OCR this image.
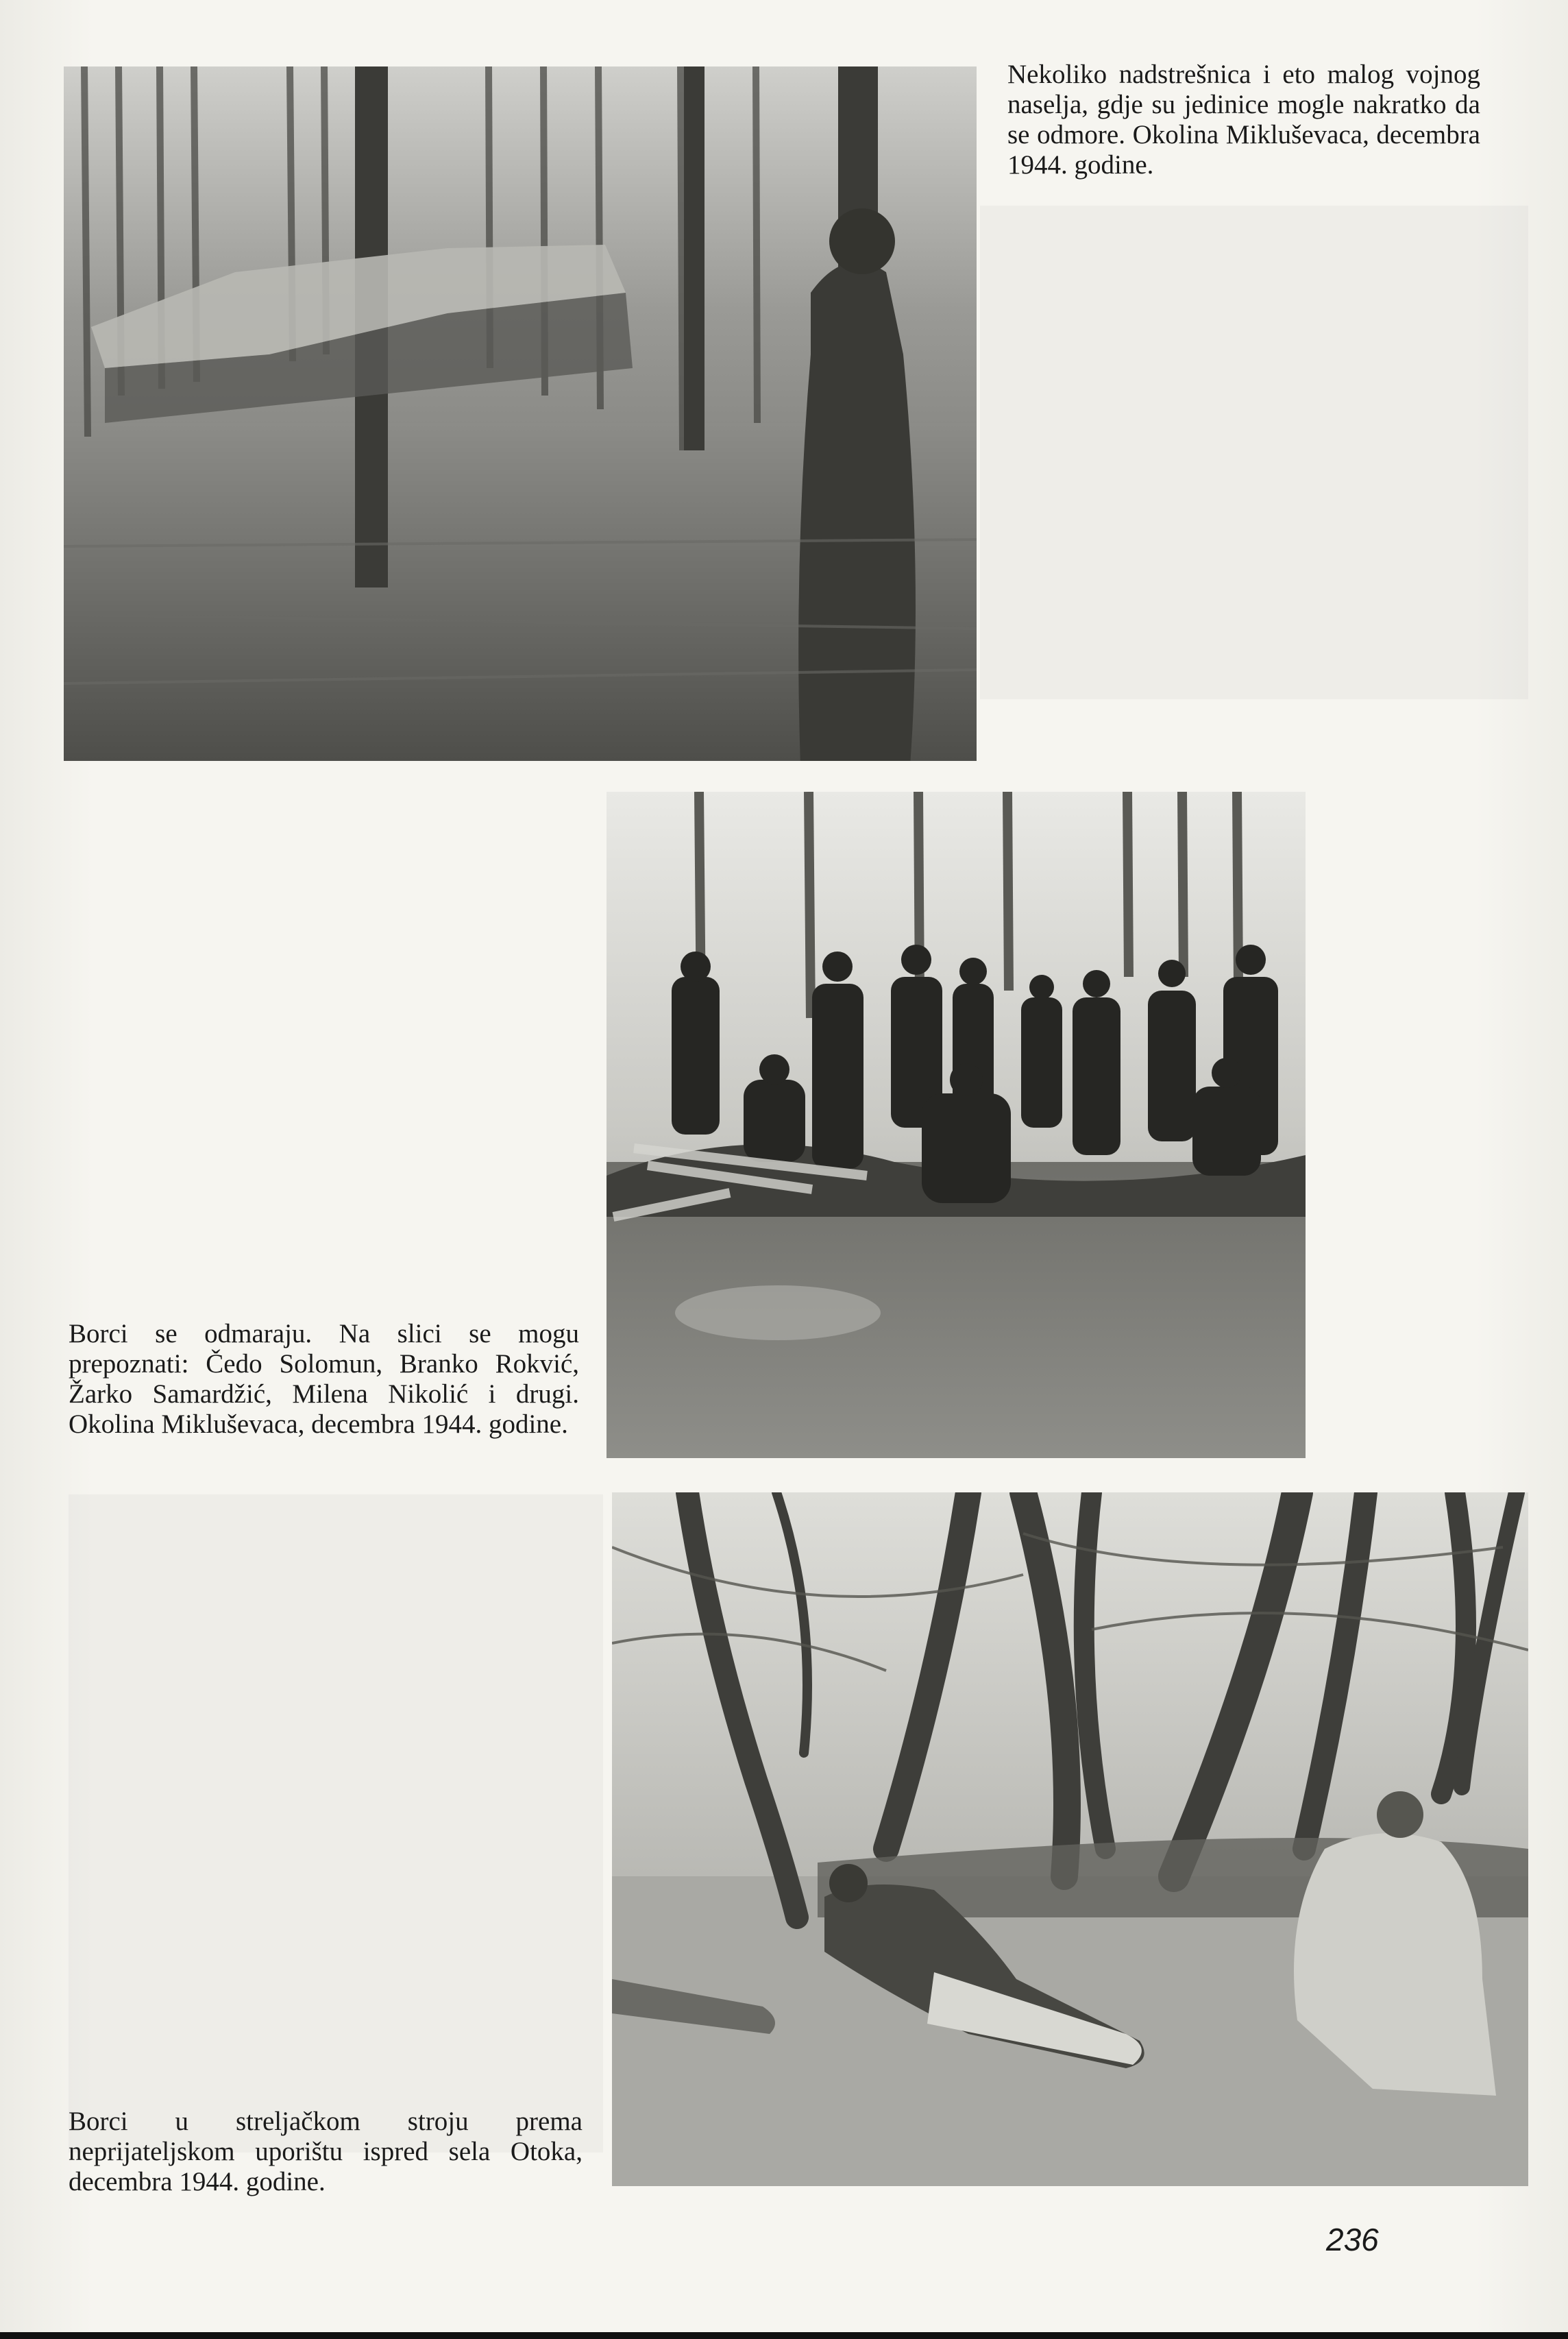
Nekoliko nadstrešnica i eto malog vojnog naselja, gdje su jedinice mogle nakratko da se odmore. Okolina Mikluševaca, decembra 1944. godine.
Borci se odmaraju. Na slici se mogu prepoznati: Čedo Solomun, Branko Rokvić, Žarko Samardžić, Milena Nikolić i drugi. Okolina Mikluševaca, decembra 1944. godine.
Borci u streljačkom stroju prema neprijateljskom uporištu ispred sela Otoka, decembra 1944. godine.
236
